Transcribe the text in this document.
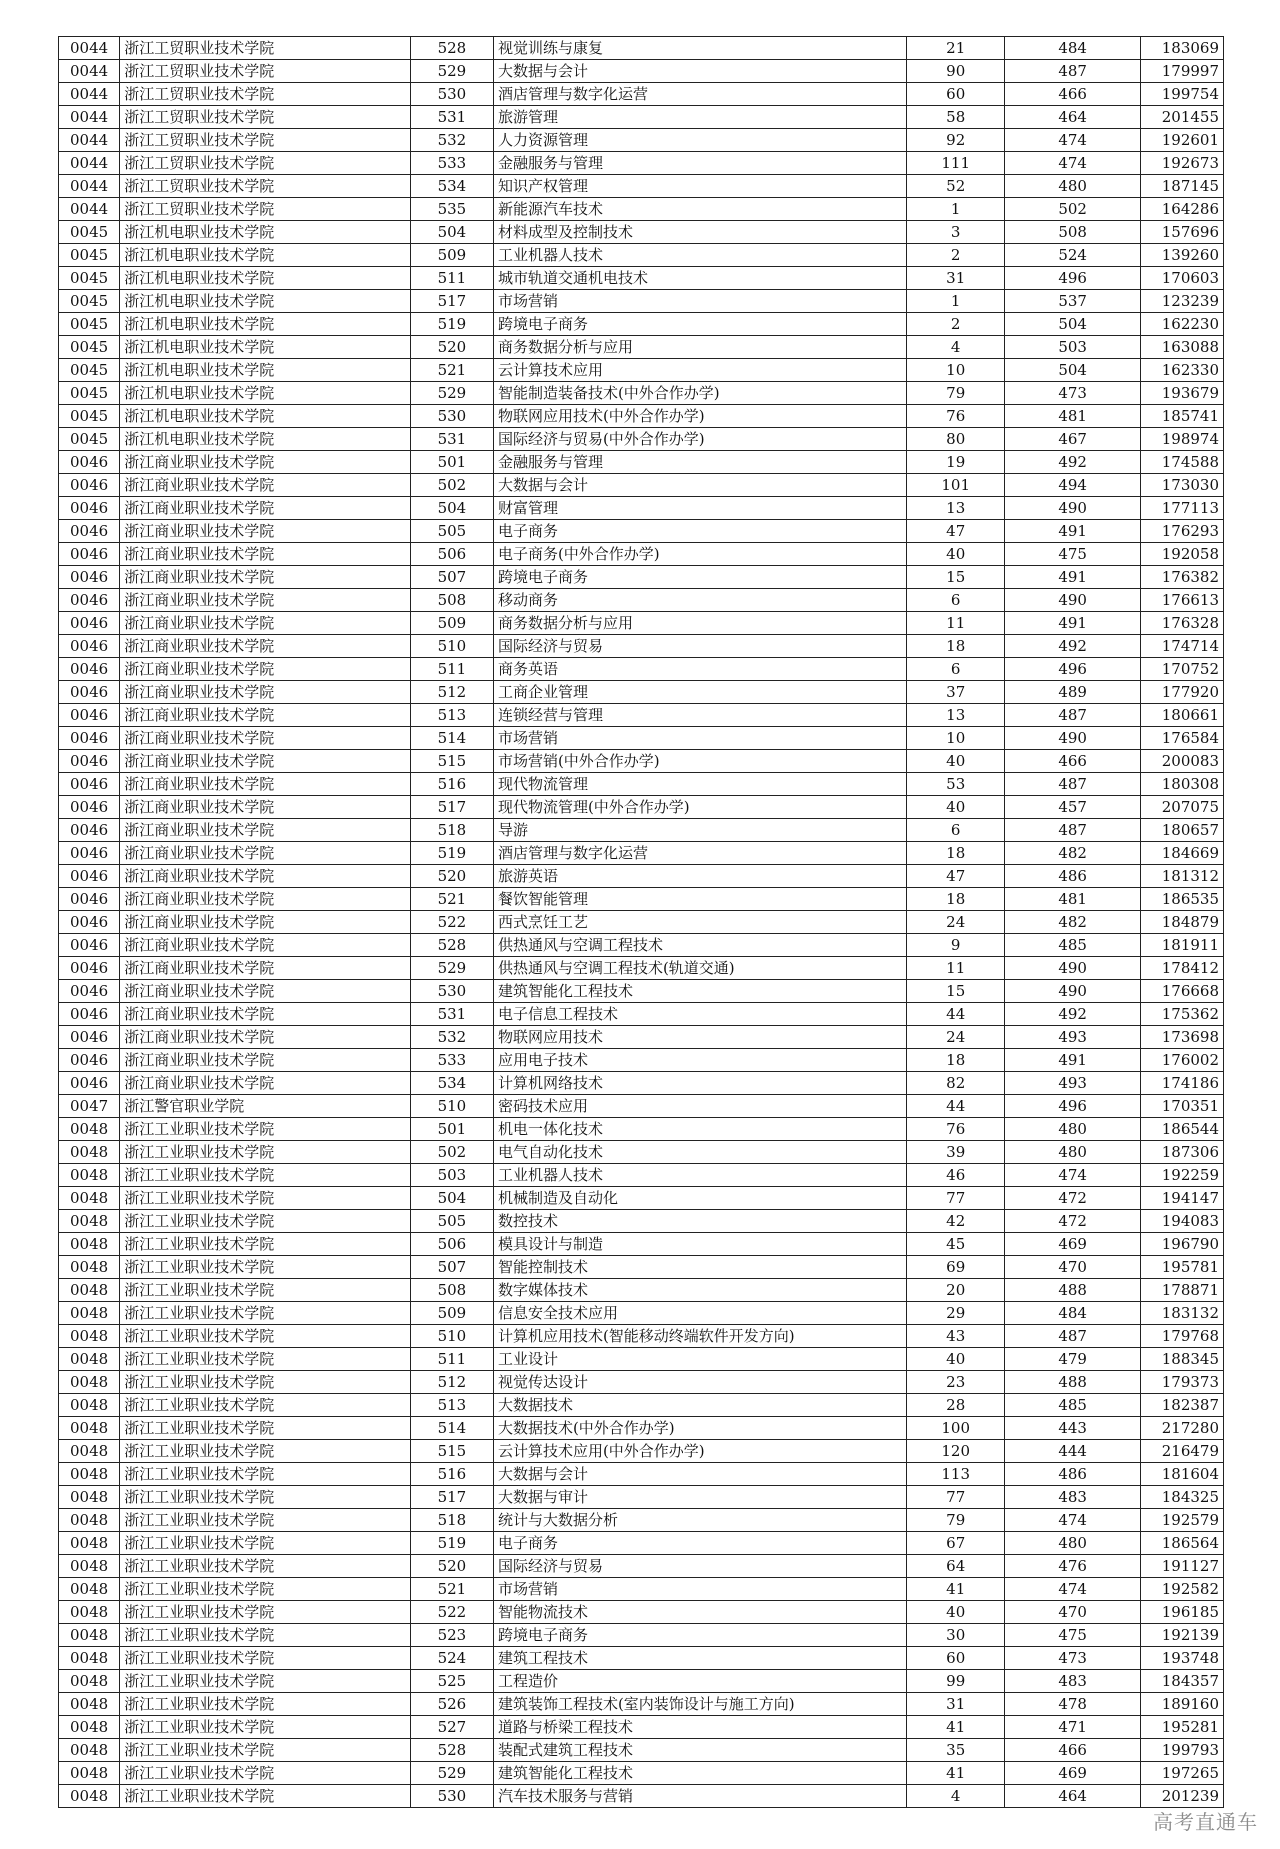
0044	浙江工贸职业技术学院	528	视觉训练与康复	21	484	183069
0044	浙江工贸职业技术学院	529	大数据与会计	90	487	179997
0044	浙江工贸职业技术学院	530	酒店管理与数字化运营	60	466	199754
0044	浙江工贸职业技术学院	531	旅游管理	58	464	201455
0044	浙江工贸职业技术学院	532	人力资源管理	92	474	192601
0044	浙江工贸职业技术学院	533	金融服务与管理	111	474	192673
0044	浙江工贸职业技术学院	534	知识产权管理	52	480	187145
0044	浙江工贸职业技术学院	535	新能源汽车技术	1	502	164286
0045	浙江机电职业技术学院	504	材料成型及控制技术	3	508	157696
0045	浙江机电职业技术学院	509	工业机器人技术	2	524	139260
0045	浙江机电职业技术学院	511	城市轨道交通机电技术	31	496	170603
0045	浙江机电职业技术学院	517	市场营销	1	537	123239
0045	浙江机电职业技术学院	519	跨境电子商务	2	504	162230
0045	浙江机电职业技术学院	520	商务数据分析与应用	4	503	163088
0045	浙江机电职业技术学院	521	云计算技术应用	10	504	162330
0045	浙江机电职业技术学院	529	智能制造装备技术(中外合作办学)	79	473	193679
0045	浙江机电职业技术学院	530	物联网应用技术(中外合作办学)	76	481	185741
0045	浙江机电职业技术学院	531	国际经济与贸易(中外合作办学)	80	467	198974
0046	浙江商业职业技术学院	501	金融服务与管理	19	492	174588
0046	浙江商业职业技术学院	502	大数据与会计	101	494	173030
0046	浙江商业职业技术学院	504	财富管理	13	490	177113
0046	浙江商业职业技术学院	505	电子商务	47	491	176293
0046	浙江商业职业技术学院	506	电子商务(中外合作办学)	40	475	192058
0046	浙江商业职业技术学院	507	跨境电子商务	15	491	176382
0046	浙江商业职业技术学院	508	移动商务	6	490	176613
0046	浙江商业职业技术学院	509	商务数据分析与应用	11	491	176328
0046	浙江商业职业技术学院	510	国际经济与贸易	18	492	174714
0046	浙江商业职业技术学院	511	商务英语	6	496	170752
0046	浙江商业职业技术学院	512	工商企业管理	37	489	177920
0046	浙江商业职业技术学院	513	连锁经营与管理	13	487	180661
0046	浙江商业职业技术学院	514	市场营销	10	490	176584
0046	浙江商业职业技术学院	515	市场营销(中外合作办学)	40	466	200083
0046	浙江商业职业技术学院	516	现代物流管理	53	487	180308
0046	浙江商业职业技术学院	517	现代物流管理(中外合作办学)	40	457	207075
0046	浙江商业职业技术学院	518	导游	6	487	180657
0046	浙江商业职业技术学院	519	酒店管理与数字化运营	18	482	184669
0046	浙江商业职业技术学院	520	旅游英语	47	486	181312
0046	浙江商业职业技术学院	521	餐饮智能管理	18	481	186535
0046	浙江商业职业技术学院	522	西式烹饪工艺	24	482	184879
0046	浙江商业职业技术学院	528	供热通风与空调工程技术	9	485	181911
0046	浙江商业职业技术学院	529	供热通风与空调工程技术(轨道交通)	11	490	178412
0046	浙江商业职业技术学院	530	建筑智能化工程技术	15	490	176668
0046	浙江商业职业技术学院	531	电子信息工程技术	44	492	175362
0046	浙江商业职业技术学院	532	物联网应用技术	24	493	173698
0046	浙江商业职业技术学院	533	应用电子技术	18	491	176002
0046	浙江商业职业技术学院	534	计算机网络技术	82	493	174186
0047	浙江警官职业学院	510	密码技术应用	44	496	170351
0048	浙江工业职业技术学院	501	机电一体化技术	76	480	186544
0048	浙江工业职业技术学院	502	电气自动化技术	39	480	187306
0048	浙江工业职业技术学院	503	工业机器人技术	46	474	192259
0048	浙江工业职业技术学院	504	机械制造及自动化	77	472	194147
0048	浙江工业职业技术学院	505	数控技术	42	472	194083
0048	浙江工业职业技术学院	506	模具设计与制造	45	469	196790
0048	浙江工业职业技术学院	507	智能控制技术	69	470	195781
0048	浙江工业职业技术学院	508	数字媒体技术	20	488	178871
0048	浙江工业职业技术学院	509	信息安全技术应用	29	484	183132
0048	浙江工业职业技术学院	510	计算机应用技术(智能移动终端软件开发方向)	43	487	179768
0048	浙江工业职业技术学院	511	工业设计	40	479	188345
0048	浙江工业职业技术学院	512	视觉传达设计	23	488	179373
0048	浙江工业职业技术学院	513	大数据技术	28	485	182387
0048	浙江工业职业技术学院	514	大数据技术(中外合作办学)	100	443	217280
0048	浙江工业职业技术学院	515	云计算技术应用(中外合作办学)	120	444	216479
0048	浙江工业职业技术学院	516	大数据与会计	113	486	181604
0048	浙江工业职业技术学院	517	大数据与审计	77	483	184325
0048	浙江工业职业技术学院	518	统计与大数据分析	79	474	192579
0048	浙江工业职业技术学院	519	电子商务	67	480	186564
0048	浙江工业职业技术学院	520	国际经济与贸易	64	476	191127
0048	浙江工业职业技术学院	521	市场营销	41	474	192582
0048	浙江工业职业技术学院	522	智能物流技术	40	470	196185
0048	浙江工业职业技术学院	523	跨境电子商务	30	475	192139
0048	浙江工业职业技术学院	524	建筑工程技术	60	473	193748
0048	浙江工业职业技术学院	525	工程造价	99	483	184357
0048	浙江工业职业技术学院	526	建筑装饰工程技术(室内装饰设计与施工方向)	31	478	189160
0048	浙江工业职业技术学院	527	道路与桥梁工程技术	41	471	195281
0048	浙江工业职业技术学院	528	装配式建筑工程技术	35	466	199793
0048	浙江工业职业技术学院	529	建筑智能化工程技术	41	469	197265
0048	浙江工业职业技术学院	530	汽车技术服务与营销	4	464	201239
高考直通车
